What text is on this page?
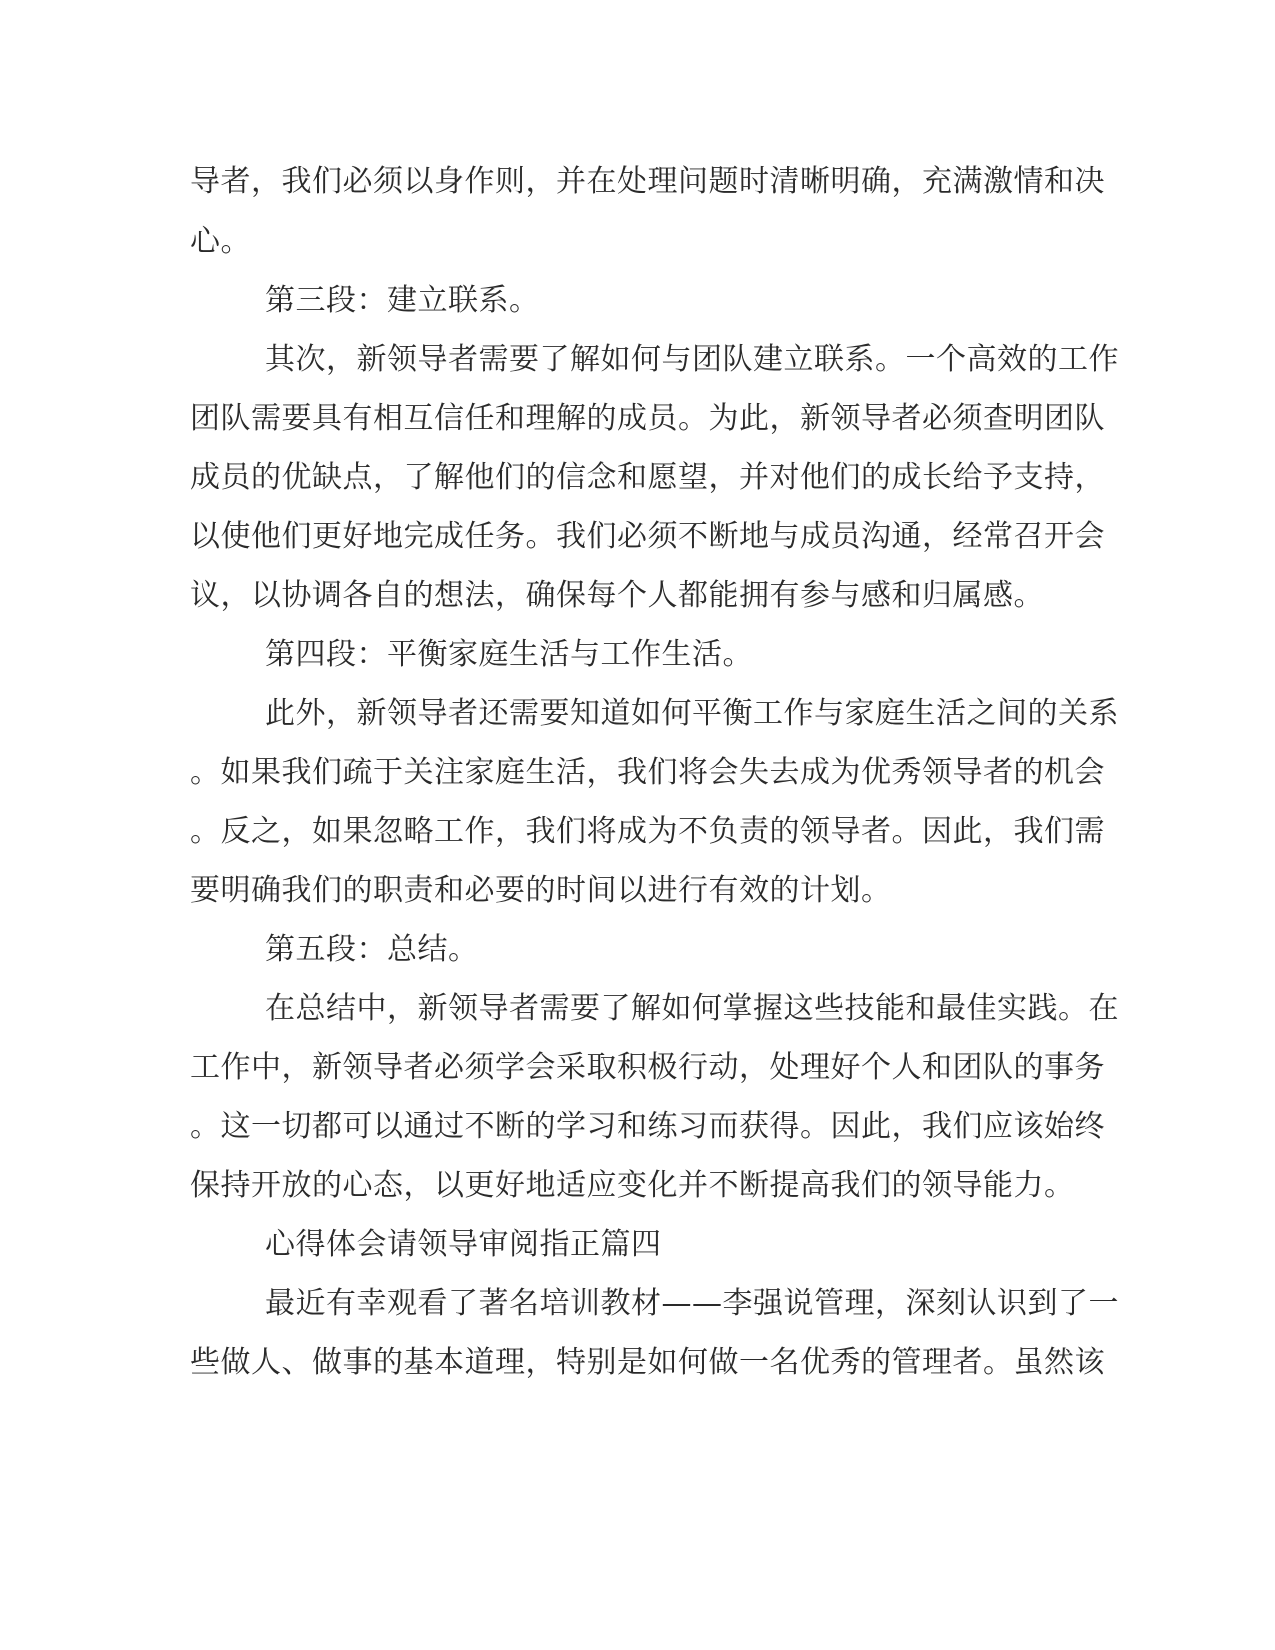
导者，我们必须以身作则，并在处理问题时清晰明确，充满激情和决
心。
第三段：建立联系。
其次，新领导者需要了解如何与团队建立联系。一个高效的工作
团队需要具有相互信任和理解的成员。为此，新领导者必须查明团队
成员的优缺点，了解他们的信念和愿望，并对他们的成长给予支持，
以使他们更好地完成任务。我们必须不断地与成员沟通，经常召开会
议，以协调各自的想法，确保每个人都能拥有参与感和归属感。
第四段：平衡家庭生活与工作生活。
此外，新领导者还需要知道如何平衡工作与家庭生活之间的关系
。如果我们疏于关注家庭生活，我们将会失去成为优秀领导者的机会
。反之，如果忽略工作，我们将成为不负责的领导者。因此，我们需
要明确我们的职责和必要的时间以进行有效的计划。
第五段：总结。
在总结中，新领导者需要了解如何掌握这些技能和最佳实践。在
工作中，新领导者必须学会采取积极行动，处理好个人和团队的事务
。这一切都可以通过不断的学习和练习而获得。因此，我们应该始终
保持开放的心态，以更好地适应变化并不断提高我们的领导能力。
心得体会请领导审阅指正篇四
最近有幸观看了著名培训教材——李强说管理，深刻认识到了一
些做人、做事的基本道理，特别是如何做一名优秀的管理者。虽然该
